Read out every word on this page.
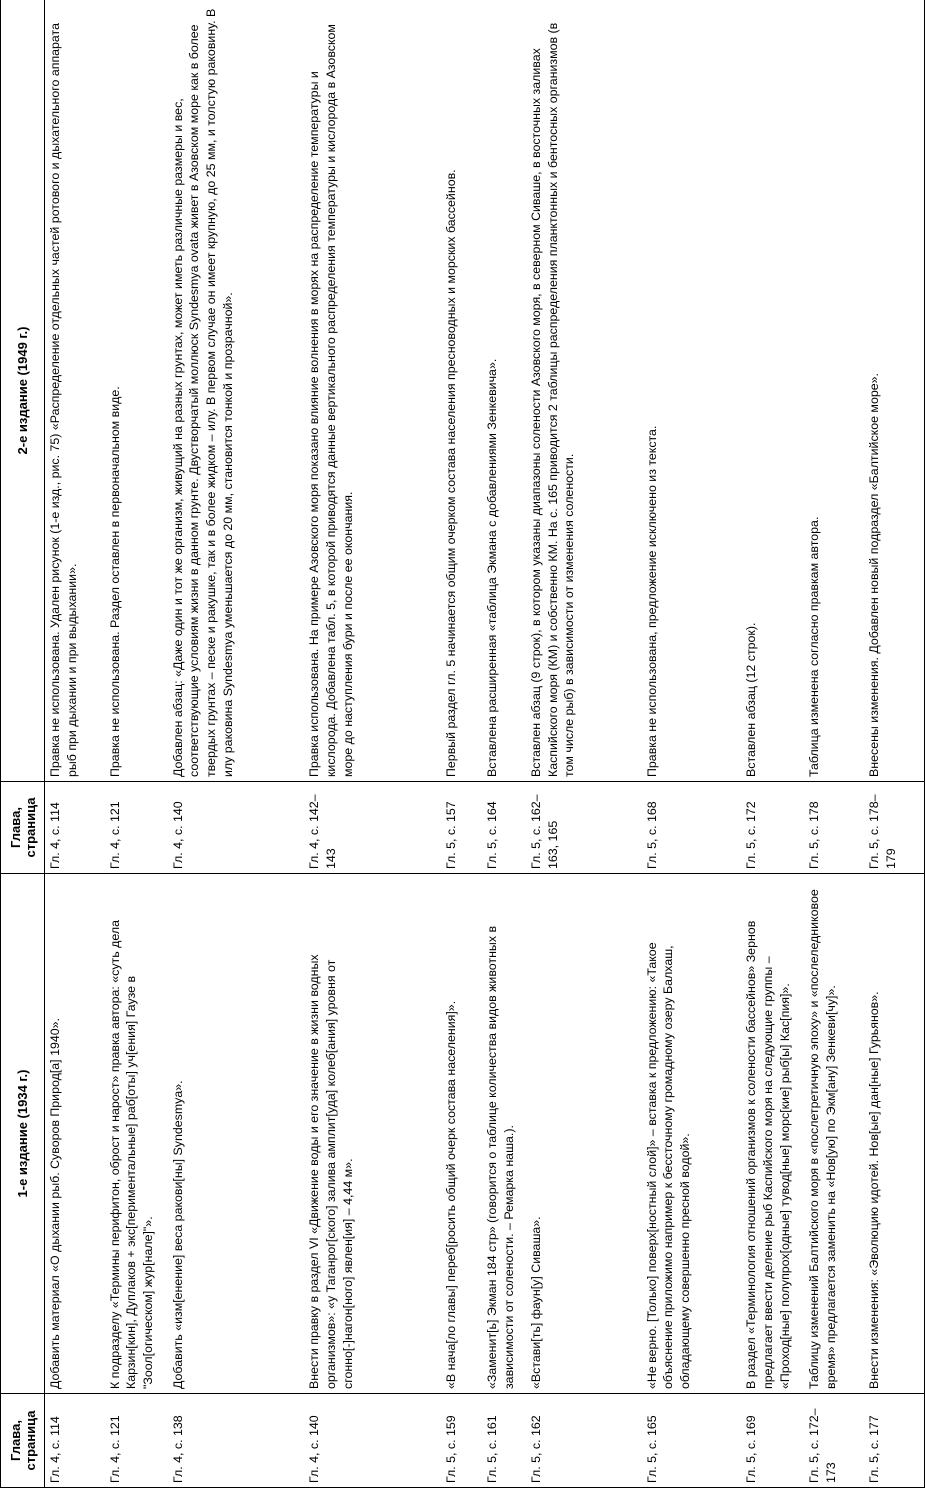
Глава, страница	1-е издание (1934 г.)	Глава, страница	2-е издание (1949 г.)
Гл. 4, с. 114	Добавить материал «О дыхании рыб. Суворов Природ[а] 1940».	Гл. 4, с. 114	Правка не использована. Удален рисунок (1-е изд., рис. 75) «Распределение отдельных частей ротового и дыхательного аппарата рыб при дыхании и при выдыхании».
Гл. 4, с. 121	К подразделу «Термины перифитон, оброст и нарост» правка автора: «суть дела Карзин[кин], Дуплаков + экс[периментальные] раб[оты] уч[ения] Гаузе в "Зоол[огическом] жур[нале]"».	Гл. 4, с. 121	Правка не использована. Раздел оставлен в первоначальном виде.
Гл. 4, с. 138	Добавить «изм[енение] веса ракови[ны] Syndesmya».	Гл. 4, с. 140	Добавлен абзац: «Даже один и тот же организм, живущий на разных грунтах, может иметь различные размеры и вес, соответствующие условиям жизни в данном грунте. Двустворчатый моллюск Syndesmya ovata живет в Азовском море как в более твердых грунтах – песке и ракушке, так и в более жидком – илу. В первом случае он имеет крупную, до 25 мм, и толстую раковину. В илу раковина Syndesmya уменьшается до 20 мм, становится тонкой и прозрачной».
Гл. 4, с. 140	Внести правку в раздел VI «Движение воды и его значение в жизни водных организмов»: «у Таганрог[ского] залива амплит[уда] колеб[ания] уровня от сгонно[-]нагон[ного] явлен[ия] – 4,44 м».	Гл. 4, с. 142–143	Правка использована. На примере Азовского моря показано влияние волнения в морях на распределение температуры и кислорода. Добавлена табл. 5, в которой приводятся данные вертикального распределения температуры и кислорода в Азовском море до наступления бури и после ее окончания.
Гл. 5, с. 159	«В нача[ло главы] переб[росить общий очерк состава населения]».	Гл. 5, с. 157	Первый раздел гл. 5 начинается общим очерком состава населения пресноводных и морских бассейнов.
Гл. 5, с. 161	«Заменит[ь] Экман 184 стр» (говорится о таблице количества видов животных в зависимости от солености. – Ремарка наша.).	Гл. 5, с. 164	Вставлена расширенная «таблица Экмана с добавлениями Зенкевича».
Гл. 5, с. 162	«Встави[ть] фаун[у] Сиваша».	Гл. 5, с. 162–163, 165	Вставлен абзац (9 строк), в котором указаны диапазоны солености Азовского моря, в северном Сиваше, в восточных заливах Каспийского моря (КМ) и собственно КМ. На с. 165 приводится 2 таблицы распределения планктонных и бентосных организмов (в том числе рыб) в зависимости от изменения солености.
Гл. 5, с. 165	«Не верно. [Только] поверх[ностный слой]» – вставка к предложению: «Такое объяснение приложимо например к бессточному громадному озеру Балхаш, обладающему совершенно пресной водой».	Гл. 5, с. 168	Правка не использована, предложение исключено из текста.
Гл. 5, с. 169	В раздел «Терминология отношений организмов к солености бассейнов» Зернов предлагает ввести деление рыб Каспийского моря на следующие группы – «Проход[ные] полупрох[одные] тувод[ные] морс[кие] рыб[ы] Кас[пия]».	Гл. 5, с. 172	Вставлен абзац (12 строк).
Гл. 5, с. 172–173	Таблицу изменений Балтийского моря в «послетретичную эпоху» и «послеледниковое время» предлагается заменить на «Нов[ую] по Экм[ану] Зенкеви[чу]».	Гл. 5, с. 178	Таблица изменена согласно правкам автора.
Гл. 5, с. 177	Внести изменения: «Эволюцию идотей. Нов[ые] дан[ные] Гурьянов».	Гл. 5, с. 178–179	Внесены изменения. Добавлен новый подраздел «Балтийское море».
